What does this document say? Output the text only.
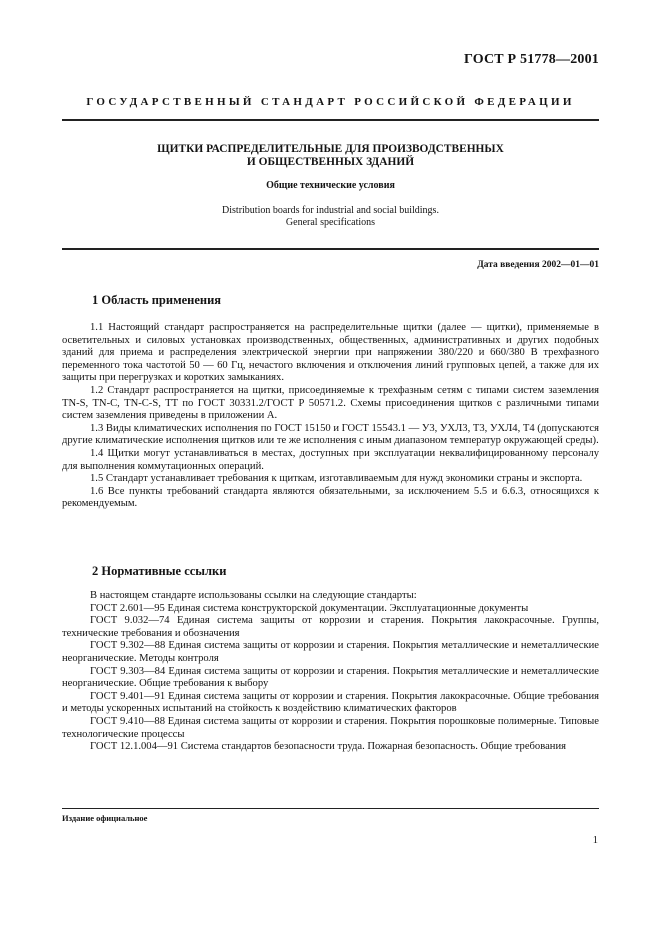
ГОСТ Р 51778—2001
ГОСУДАРСТВЕННЫЙ СТАНДАРТ РОССИЙСКОЙ ФЕДЕРАЦИИ
ЩИТКИ РАСПРЕДЕЛИТЕЛЬНЫЕ ДЛЯ ПРОИЗВОДСТВЕННЫХ
И ОБЩЕСТВЕННЫХ ЗДАНИЙ
Общие технические условия
Distribution boards for industrial and social buildings.
General specifications
Дата введения 2002—01—01
1 Область применения

1.1 Настоящий стандарт распространяется на распределительные щитки (далее — щитки), применяемые в осветительных и силовых установках производственных, общественных, административных и других подобных зданий для приема и распределения электрической энергии при напряжении 380/220 и 660/380 В трехфазного переменного тока частотой 50 — 60 Гц, нечастого включения и отключения линий групповых цепей, а также для их защиты при перегрузках и коротких замыканиях.

1.2 Стандарт распространяется на щитки, присоединяемые к трехфазным сетям с типами систем заземления TN-S, TN-C, TN-C-S, TT по ГОСТ 30331.2/ГОСТ Р 50571.2. Схемы присоединения щитков с различными типами систем заземления приведены в приложении А.

1.3 Виды климатических исполнения по ГОСТ 15150 и ГОСТ 15543.1 — У3, УХЛ3, Т3, УХЛ4, Т4 (допускаются другие климатические исполнения щитков или те же исполнения с иным диапазоном температур окружающей среды).

1.4 Щитки могут устанавливаться в местах, доступных при эксплуатации неквалифицированному персоналу для выполнения коммутационных операций.

1.5 Стандарт устанавливает требования к щиткам, изготавливаемым для нужд экономики страны и экспорта.

1.6 Все пункты требований стандарта являются обязательными, за исключением 5.5 и 6.6.3, относящихся к рекомендуемым.

2 Нормативные ссылки

В настоящем стандарте использованы ссылки на следующие стандарты:

ГОСТ 2.601—95 Единая система конструкторской документации. Эксплуатационные документы

ГОСТ 9.032—74 Единая система защиты от коррозии и старения. Покрытия лакокрасочные. Группы, технические требования и обозначения

ГОСТ 9.302—88 Единая система защиты от коррозии и старения. Покрытия металлические и неметаллические неорганические. Методы контроля

ГОСТ 9.303—84 Единая система защиты от коррозии и старения. Покрытия металлические и неметаллические неорганические. Общие требования к выбору

ГОСТ 9.401—91 Единая система защиты от коррозии и старения. Покрытия лакокрасочные. Общие требования и методы ускоренных испытаний на стойкость к воздействию климатических факторов

ГОСТ 9.410—88 Единая система защиты от коррозии и старения. Покрытия порошковые полимерные. Типовые технологические процессы

ГОСТ 12.1.004—91 Система стандартов безопасности труда. Пожарная безопасность. Общие требования

Издание официальное
1
